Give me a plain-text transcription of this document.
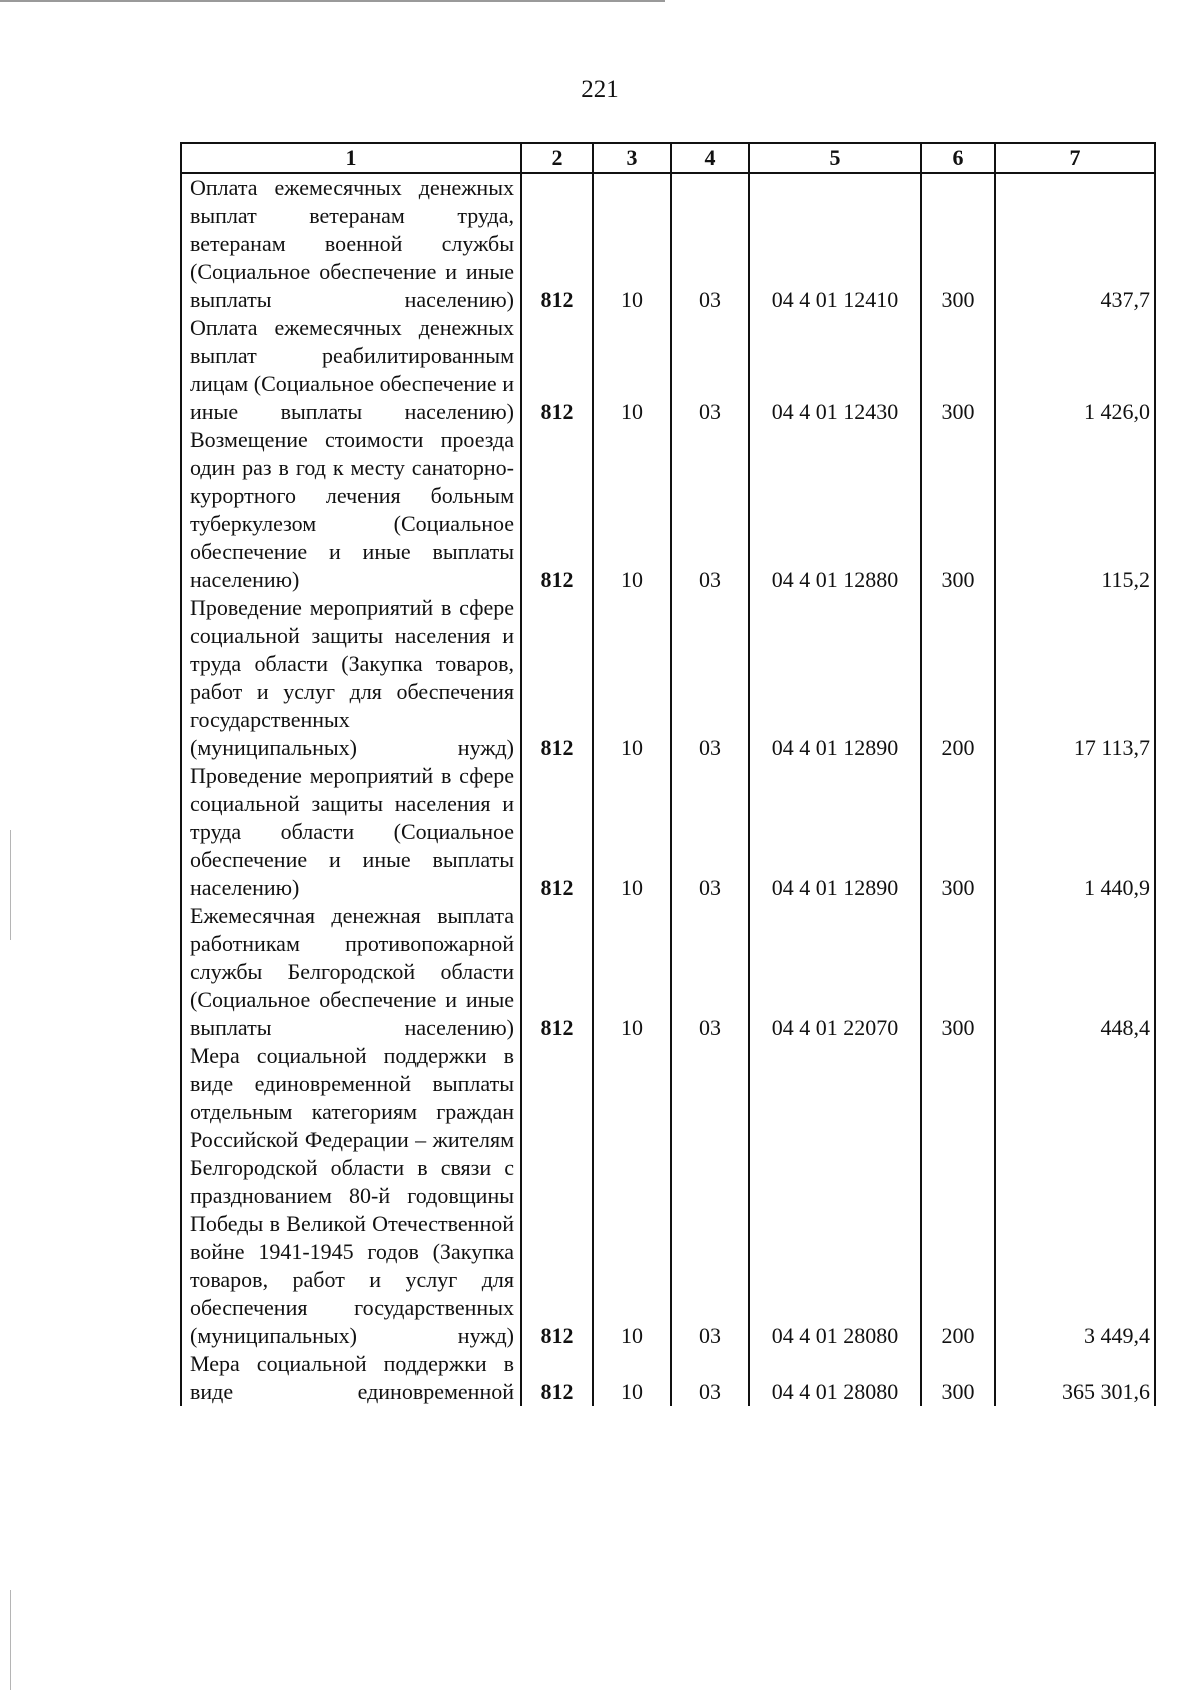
221
1	2	3	4	5	6	7
Оплата ежемесячных денежных выплат ветеранам труда, ветеранам военной службы (Социальное обеспечение и иные выплаты населению)	812	10	03	04 4 01 12410	300	437,7
Оплата ежемесячных денежных выплат реабилитированным лицам (Социальное обеспечение и иные выплаты населению)	812	10	03	04 4 01 12430	300	1 426,0
Возмещение стоимости проезда один раз в год к месту санаторно-курортного лечения больным туберкулезом (Социальное обеспечение и иные выплаты населению)	812	10	03	04 4 01 12880	300	115,2
Проведение мероприятий в сфере социальной защиты населения и труда области (Закупка товаров, работ и услуг для обеспечения государственных (муниципальных) нужд)	812	10	03	04 4 01 12890	200	17 113,7
Проведение мероприятий в сфере социальной защиты населения и труда области (Социальное обеспечение и иные выплаты населению)	812	10	03	04 4 01 12890	300	1 440,9
Ежемесячная денежная выплата работникам противопожарной службы Белгородской области (Социальное обеспечение и иные выплаты населению)	812	10	03	04 4 01 22070	300	448,4
Мера социальной поддержки в виде единовременной выплаты отдельным категориям граждан Российской Федерации – жителям Белгородской области в связи с празднованием 80-й годовщины Победы в Великой Отечественной войне 1941-1945 годов (Закупка товаров, работ и услуг для обеспечения государственных (муниципальных) нужд)	812	10	03	04 4 01 28080	200	3 449,4
Мера социальной поддержки в виде единовременной	812	10	03	04 4 01 28080	300	365 301,6
